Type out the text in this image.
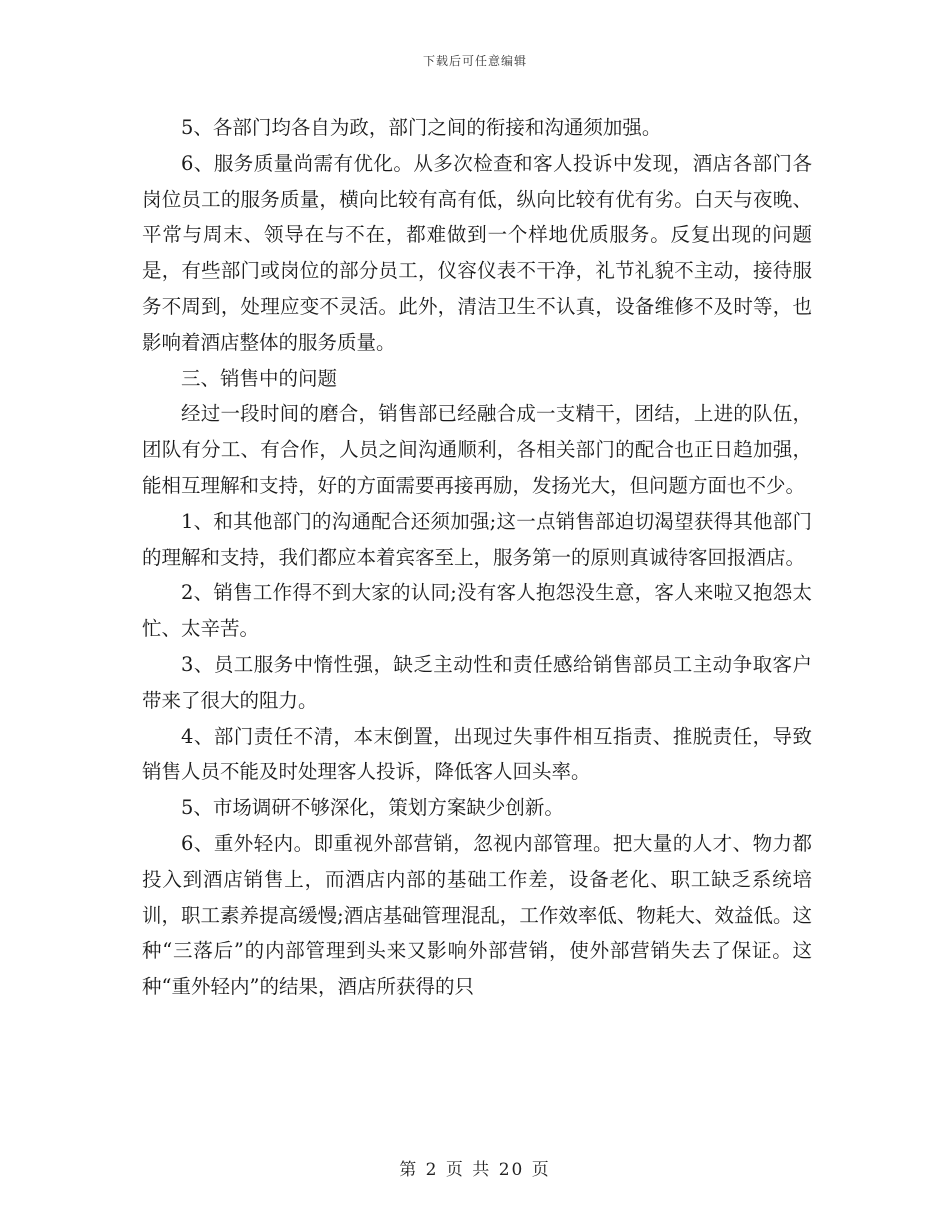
下载后可任意编辑

5、各部门均各自为政，部门之间的衔接和沟通须加强。

6、服务质量尚需有优化。从多次检查和客人投诉中发现，酒店各部门各岗位员工的服务质量，横向比较有高有低，纵向比较有优有劣。白天与夜晚、平常与周末、领导在与不在，都难做到一个样地优质服务。反复出现的问题是，有些部门或岗位的部分员工，仪容仪表不干净，礼节礼貌不主动，接待服务不周到，处理应变不灵活。此外，清洁卫生不认真，设备维修不及时等，也影响着酒店整体的服务质量。

三、销售中的问题

经过一段时间的磨合，销售部已经融合成一支精干，团结，上进的队伍，团队有分工、有合作，人员之间沟通顺利，各相关部门的配合也正日趋加强，能相互理解和支持，好的方面需要再接再励，发扬光大，但问题方面也不少。

1、和其他部门的沟通配合还须加强;这一点销售部迫切渴望获得其他部门的理解和支持，我们都应本着宾客至上，服务第一的原则真诚待客回报酒店。

2、销售工作得不到大家的认同;没有客人抱怨没生意，客人来啦又抱怨太忙、太辛苦。

3、员工服务中惰性强，缺乏主动性和责任感给销售部员工主动争取客户带来了很大的阻力。

4、部门责任不清，本末倒置，出现过失事件相互指责、推脱责任，导致销售人员不能及时处理客人投诉，降低客人回头率。

5、市场调研不够深化，策划方案缺少创新。

6、重外轻内。即重视外部营销，忽视内部管理。把大量的人才、物力都投入到酒店销售上，而酒店内部的基础工作差，设备老化、职工缺乏系统培训，职工素养提高缓慢;酒店基础管理混乱，工作效率低、物耗大、效益低。这种“三落后”的内部管理到头来又影响外部营销，使外部营销失去了保证。这种“重外轻内”的结果，酒店所获得的只

第 2 页 共 20 页
